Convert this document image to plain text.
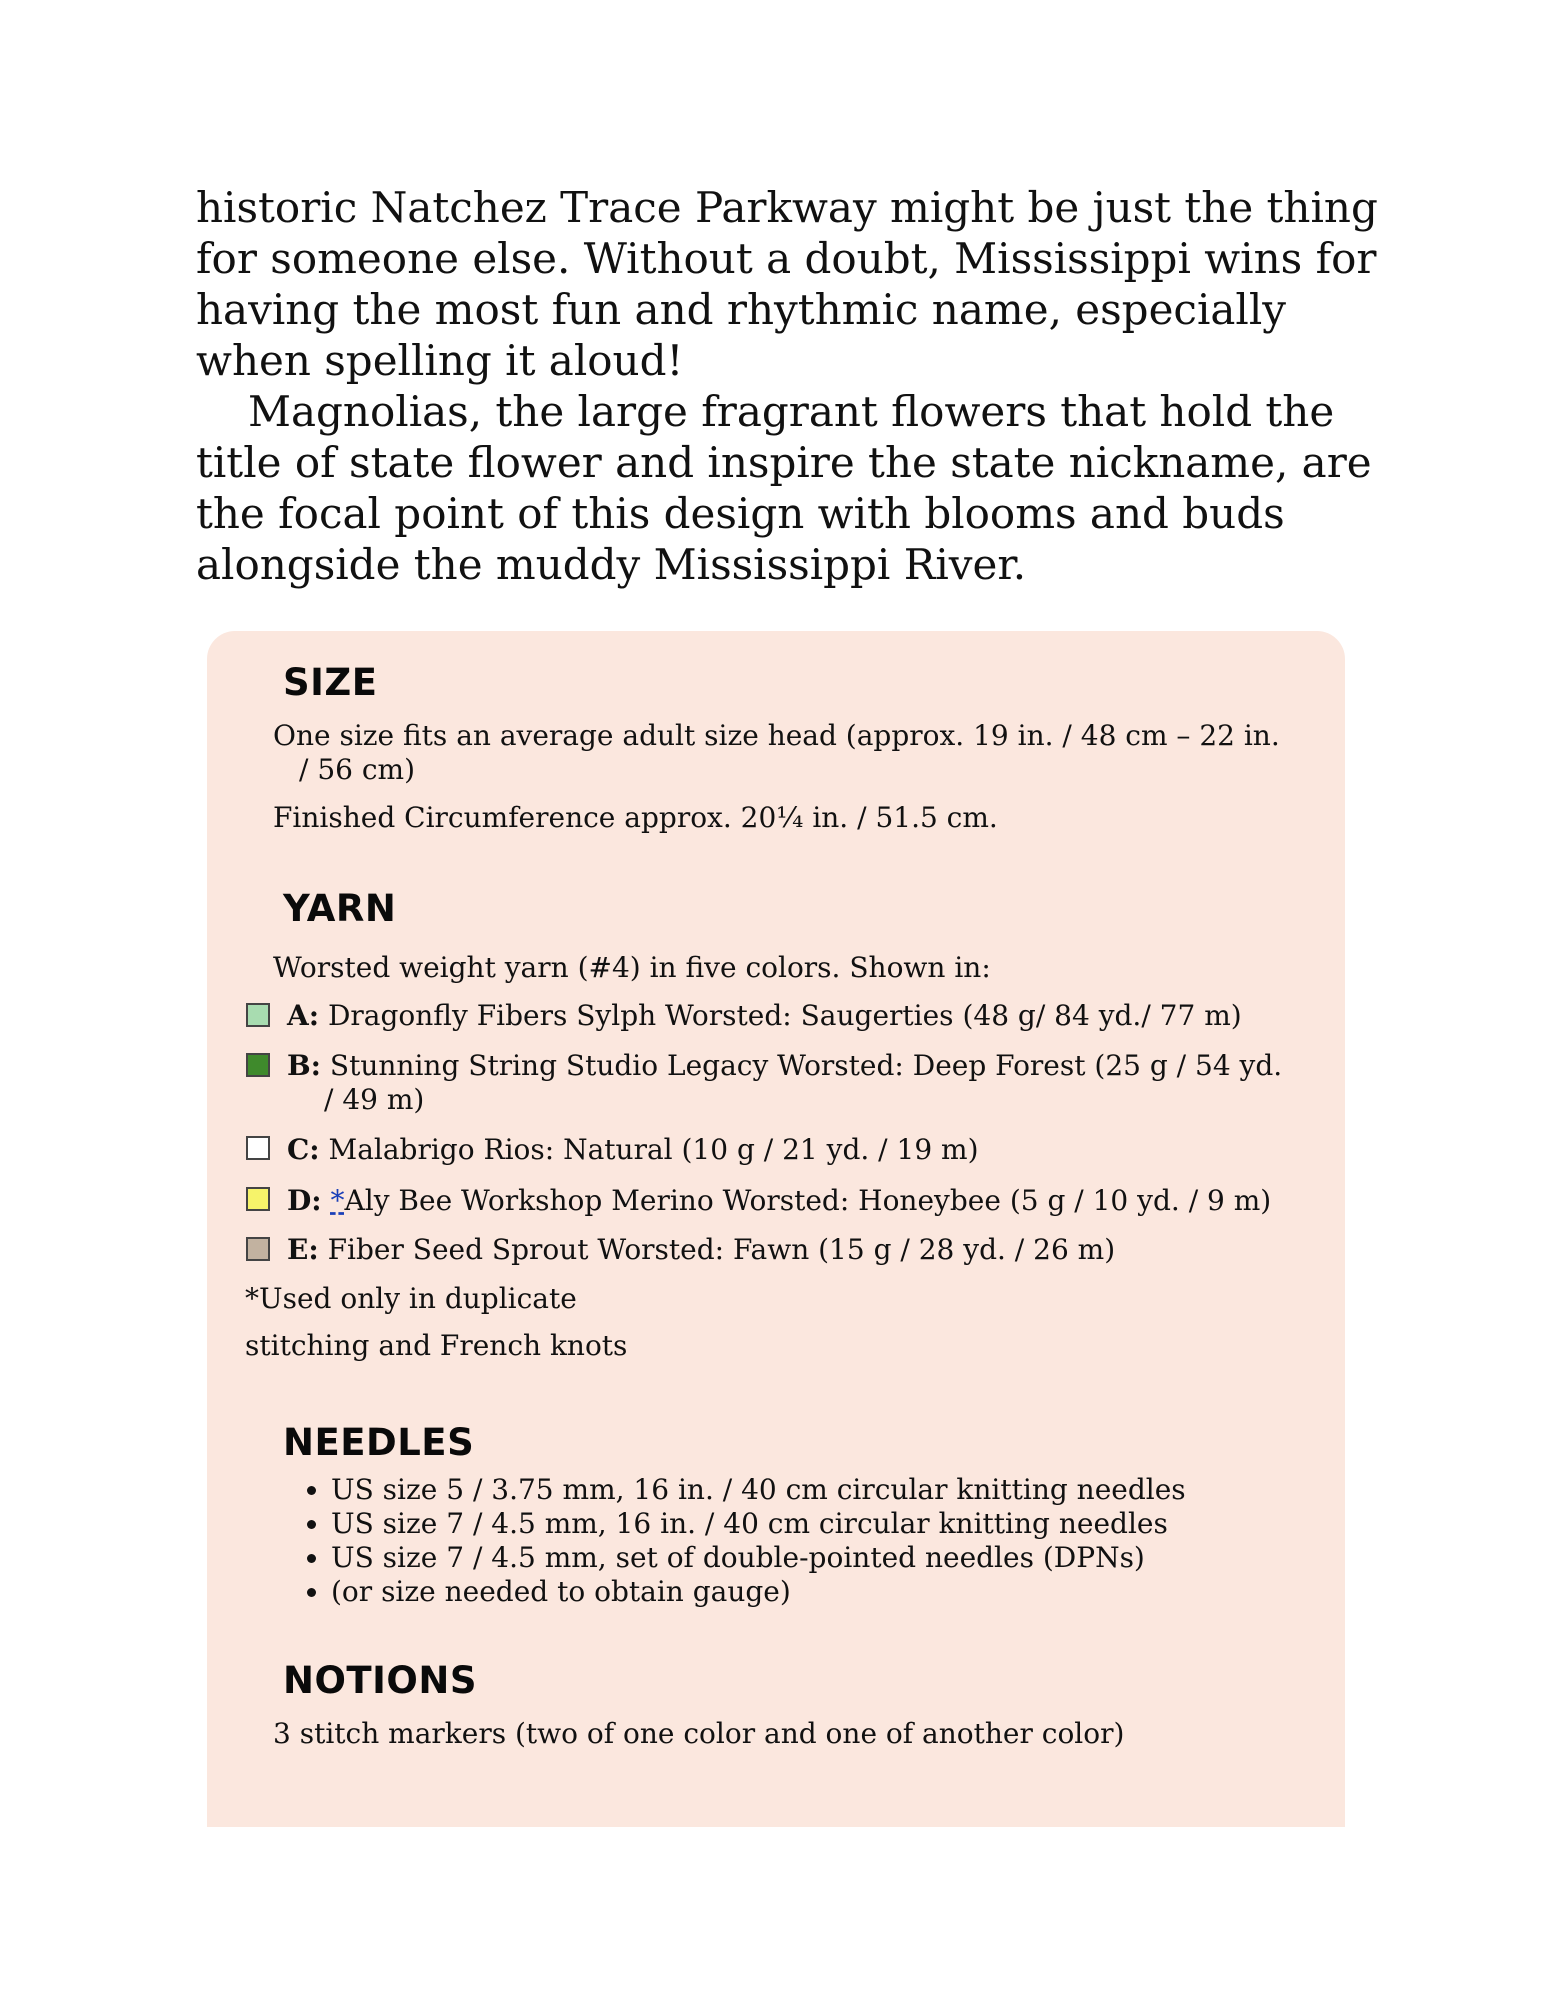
historic Natchez Trace Parkway might be just the thing for someone else. Without a doubt, Mississippi wins for having the most fun and rhythmic name, especially when spelling it aloud!

Magnolias, the large fragrant flowers that hold the title of state flower and inspire the state nickname, are the focal point of this design with blooms and buds alongside the muddy Mississippi River.

SIZE
One size fits an average adult size head (approx. 19 in. / 48 cm – 22 in.
/ 56 cm)
Finished Circumference approx. 20¼ in. / 51.5 cm.
YARN
Worsted weight yarn (#4) in five colors. Shown in:
A: Dragonfly Fibers Sylph Worsted: Saugerties (48 g/ 84 yd./ 77 m)
B: Stunning String Studio Legacy Worsted: Deep Forest (25 g / 54 yd.
/ 49 m)
C: Malabrigo Rios: Natural (10 g / 21 yd. / 19 m)
D: *Aly Bee Workshop Merino Worsted: Honeybee (5 g / 10 yd. / 9 m)
E: Fiber Seed Sprout Worsted: Fawn (15 g / 28 yd. / 26 m)
*Used only in duplicate
stitching and French knots
NEEDLES
• US size 5 / 3.75 mm, 16 in. / 40 cm circular knitting needles
• US size 7 / 4.5 mm, 16 in. / 40 cm circular knitting needles
• US size 7 / 4.5 mm, set of double-pointed needles (DPNs)
• (or size needed to obtain gauge)
NOTIONS
3 stitch markers (two of one color and one of another color)
